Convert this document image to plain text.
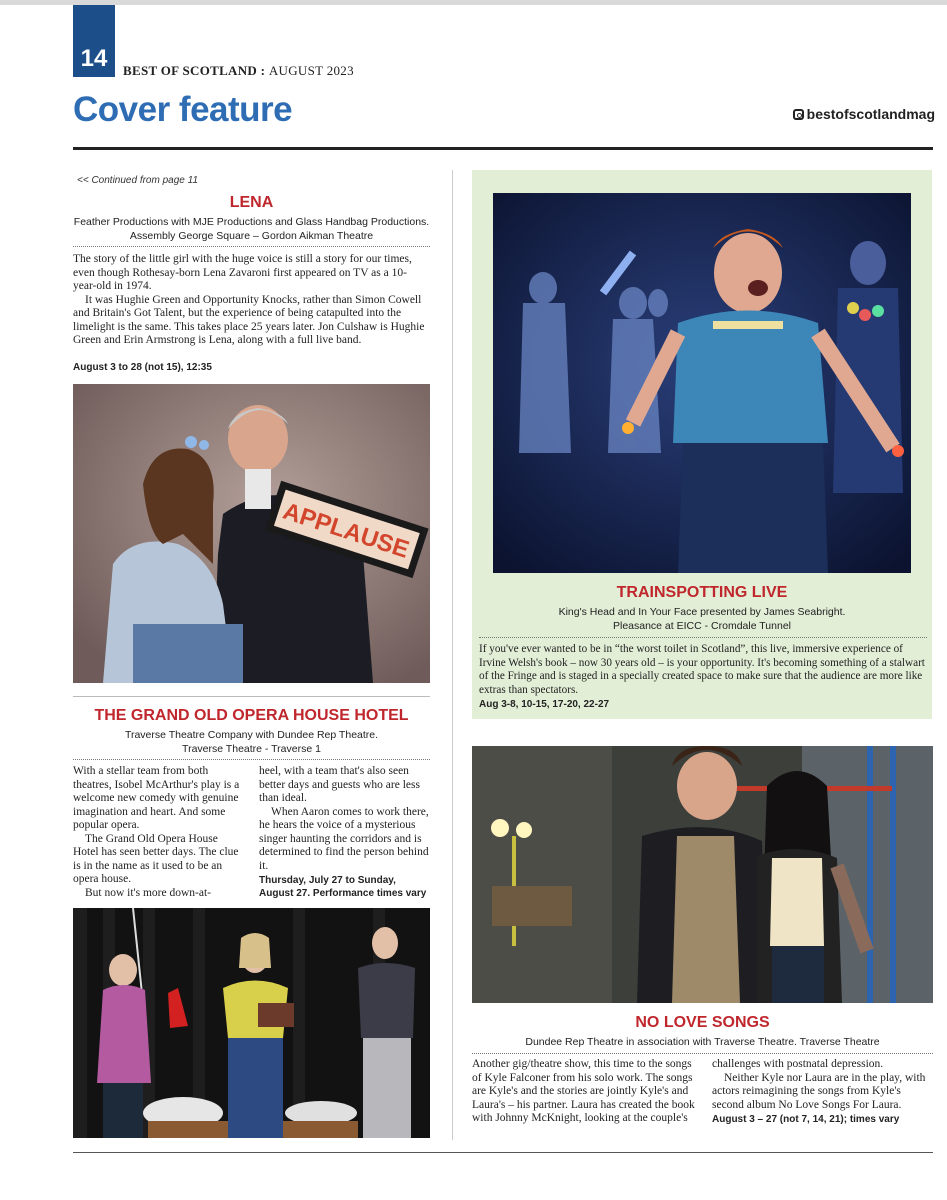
14	BEST OF SCOTLAND : AUGUST 2023
Cover feature	bestofscotlandmag
<< Continued from page 11
LENA
Feather Productions with MJE Productions and Glass Handbag Productions.
Assembly George Square – Gordon Aikman Theatre

The story of the little girl with the huge voice is still a story for our times, even though Rothesay-born Lena Zavaroni first appeared on TV as a 10-year-old in 1974.

It was Hughie Green and Opportunity Knocks, rather than Simon Cowell and Britain's Got Talent, but the experience of being catapulted into the limelight is the same. This takes place 25 years later. Jon Culshaw is Hughie Green and Erin Armstrong is Lena, along with a full live band.

August 3 to 28 (not 15), 12:35
APPLAUSE
THE GRAND OLD OPERA HOUSE HOTEL
Traverse Theatre Company with Dundee Rep Theatre.
Traverse Theatre - Traverse 1

With a stellar team from both theatres, Isobel McArthur's play is a welcome new comedy with genuine imagination and heart. And some popular opera.

The Grand Old Opera House Hotel has seen better days. The clue is in the name as it used to be an opera house.

But now it's more down-at-

heel, with a team that's also seen better days and guests who are less than ideal.

When Aaron comes to work there, he hears the voice of a mysterious singer haunting the corridors and is determined to find the person behind it.

Thursday, July 27 to Sunday, August 27. Performance times vary
TRAINSPOTTING LIVE
King's Head and In Your Face presented by James Seabright.
Pleasance at EICC - Cromdale Tunnel

If you've ever wanted to be in “the worst toilet in Scotland”, this live, immersive experience of Irvine Welsh's book – now 30 years old – is your opportunity. It's becoming something of a stalwart of the Fringe and is staged in a specially created space to make sure that the audience are more like extras than spectators.

Aug 3-8, 10-15, 17-20, 22-27
NO LOVE SONGS
Dundee Rep Theatre in association with Traverse Theatre. Traverse Theatre

Another gig/theatre show, this time to the songs of Kyle Falconer from his solo work. The songs are Kyle's and the stories are jointly Kyle's and Laura's – his partner. Laura has created the book with Johnny McKnight, looking at the couple's

challenges with postnatal depression.

Neither Kyle nor Laura are in the play, with actors reimagining the songs from Kyle's second album No Love Songs For Laura.

August 3 – 27 (not 7, 14, 21); times vary
